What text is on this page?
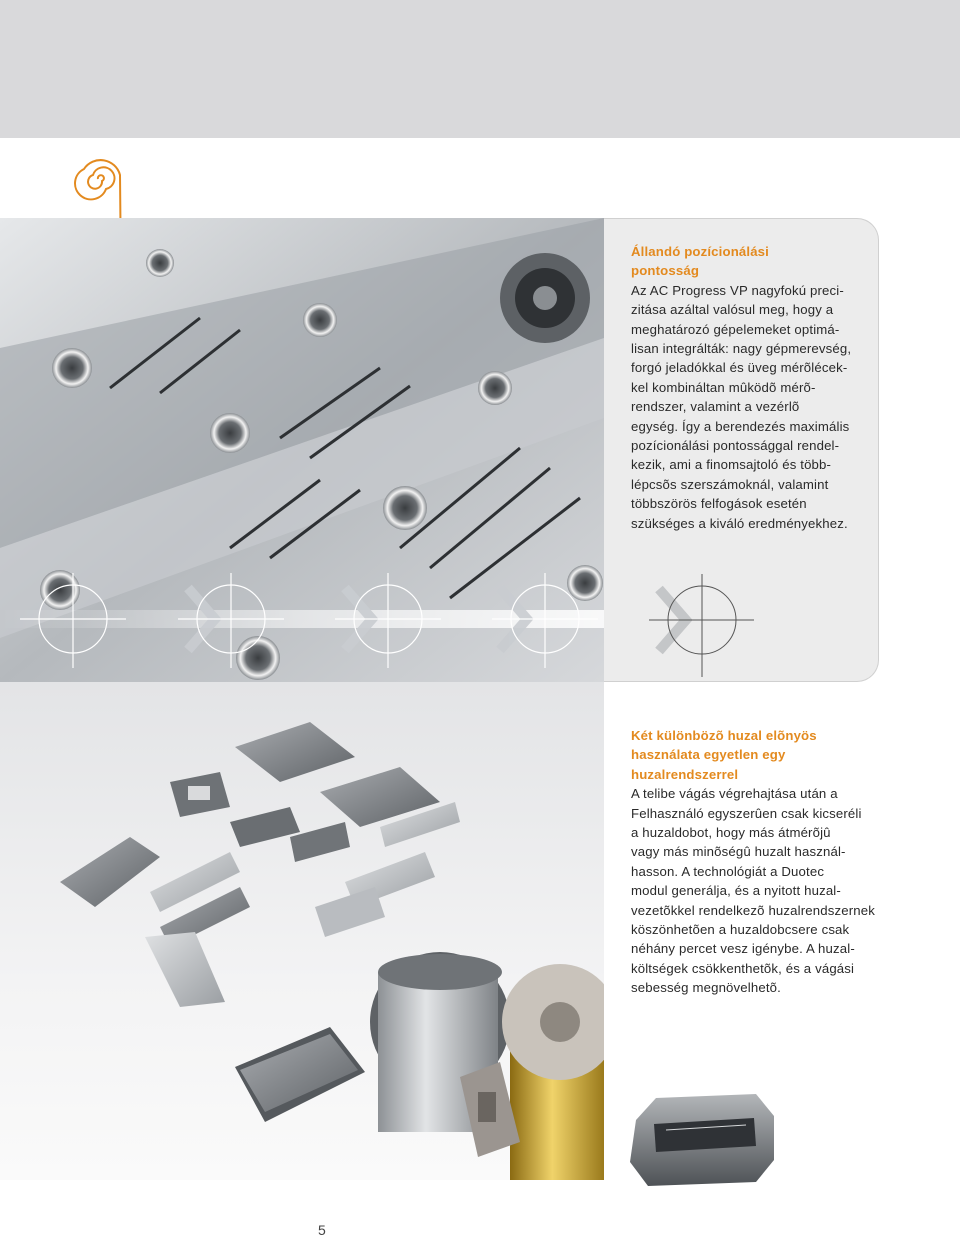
Állandó pozícionálási
pontosság

Az AC Progress VP nagyfokú preci-
zitása azáltal valósul meg, hogy a
meghatározó gépelemeket optimá-
lisan integrálták: nagy gépmerevség,
forgó jeladókkal és üveg mérõlécek-
kel kombináltan mûködõ mérõ-
rendszer, valamint a vezérlõ
egység. Így a berendezés maximális
pozícionálási pontossággal rendel-
kezik, ami a finomsajtoló és több-
lépcsõs szerszámoknál, valamint
többszörös felfogások esetén
szükséges a kiváló eredményekhez.

Két különbözõ huzal elõnyös
használata egyetlen egy
huzalrendszerrel

A telibe vágás végrehajtása után a
Felhasználó egyszerûen csak kicseréli
a huzaldobot, hogy más átmérõjû
vagy más minõségû huzalt használ-
hasson. A technológiát a Duotec
modul generálja, és a nyitott huzal-
vezetõkkel rendelkezõ huzalrendszernek
köszönhetõen a huzaldobcsere csak
néhány percet vesz igénybe. A huzal-
költségek csökkenthetõk, és a vágási
sebesség megnövelhetõ.

5
